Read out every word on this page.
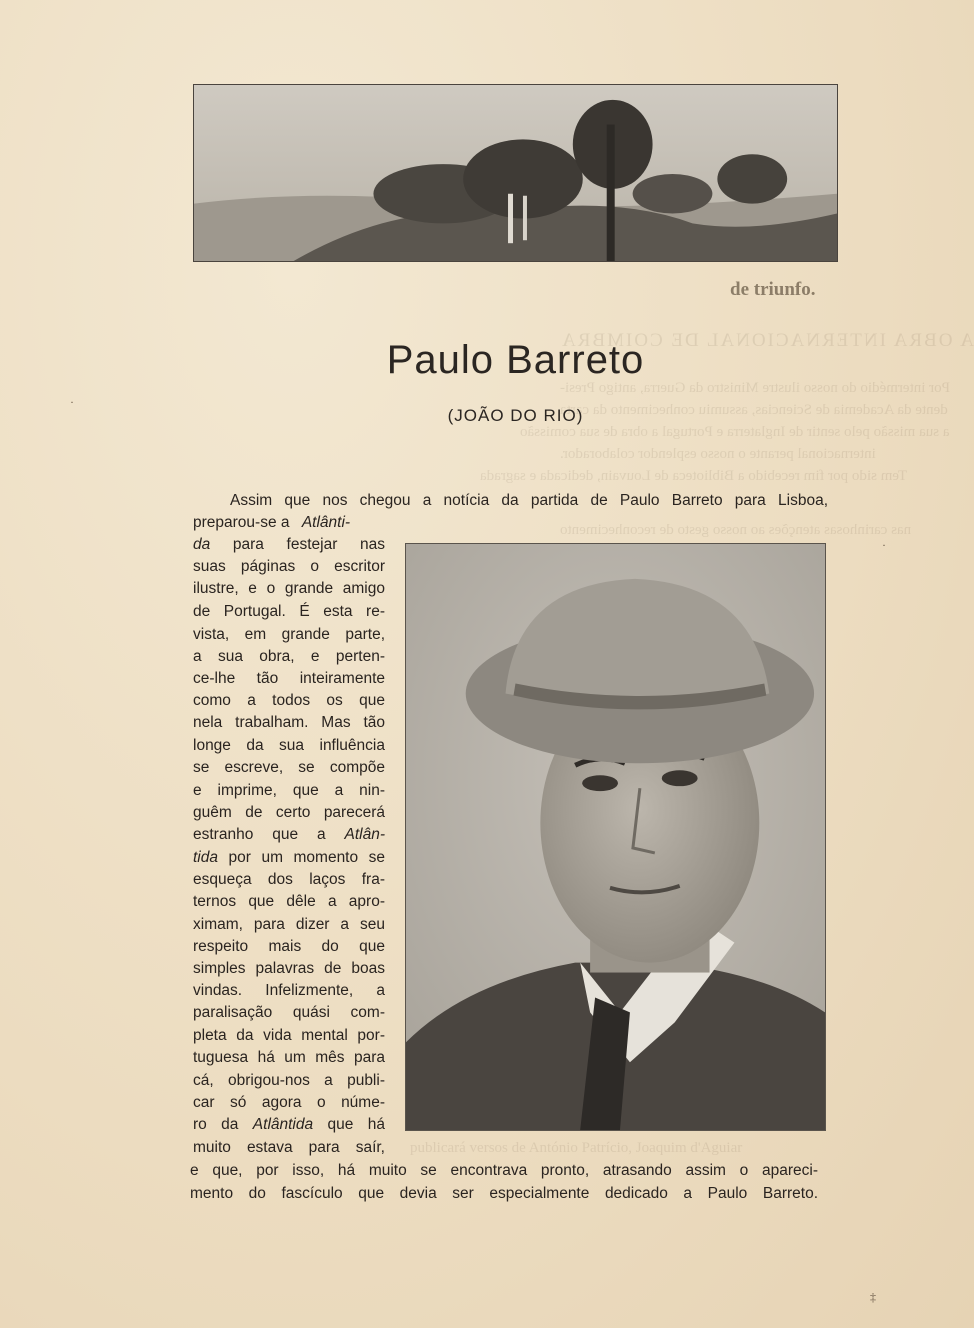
de triunfo.
A OBRA INTERNACIONAL DE COIMBRA
Por intermédio do nosso ilustre Ministro da Guerra, antigo Presi-
dente da Academia de Sciencias, assumiu conhecimento da carta
a sua missão pelo sentir de Inglaterra e Portugal a obra de sua comissão
internacional perante o nosso esplendor colaborador.
Tem sido por fim recebido a Biblioteca de Louvain, dedicada e sagrada
nas carinhosas atenções ao nosso gesto de reconhecimento
publicará versos de António Patrício, Joaquim d'Aguiar
Paulo Barreto
(JOÃO DO RIO)
Assim que nos chegou a notícia da partida de Paulo Barreto para Lisboa,
preparou-se a Atlânti-
da para festejar nas
suas páginas o escritor
ilustre, e o grande amigo
de Portugal. É esta re-
vista, em grande parte,
a sua obra, e perten-
ce-lhe tão inteiramente
como a todos os que
nela trabalham. Mas tão
longe da sua influência
se escreve, se compõe
e imprime, que a nin-
guêm de certo parecerá
estranho que a Atlân-
tida por um momento se
esqueça dos laços fra-
ternos que dêle a apro-
ximam, para dizer a seu
respeito mais do que
simples palavras de boas
vindas. Infelizmente, a
paralisação quási com-
pleta da vida mental por-
tuguesa há um mês para
cá, obrigou-nos a publi-
car só agora o núme-
ro da Atlântida que há
muito estava para saír,
e que, por isso, há muito se encontrava pronto, atrasando assim o apareci-
mento do fascículo que devia ser especialmente dedicado a Paulo Barreto.
·
·
‡
